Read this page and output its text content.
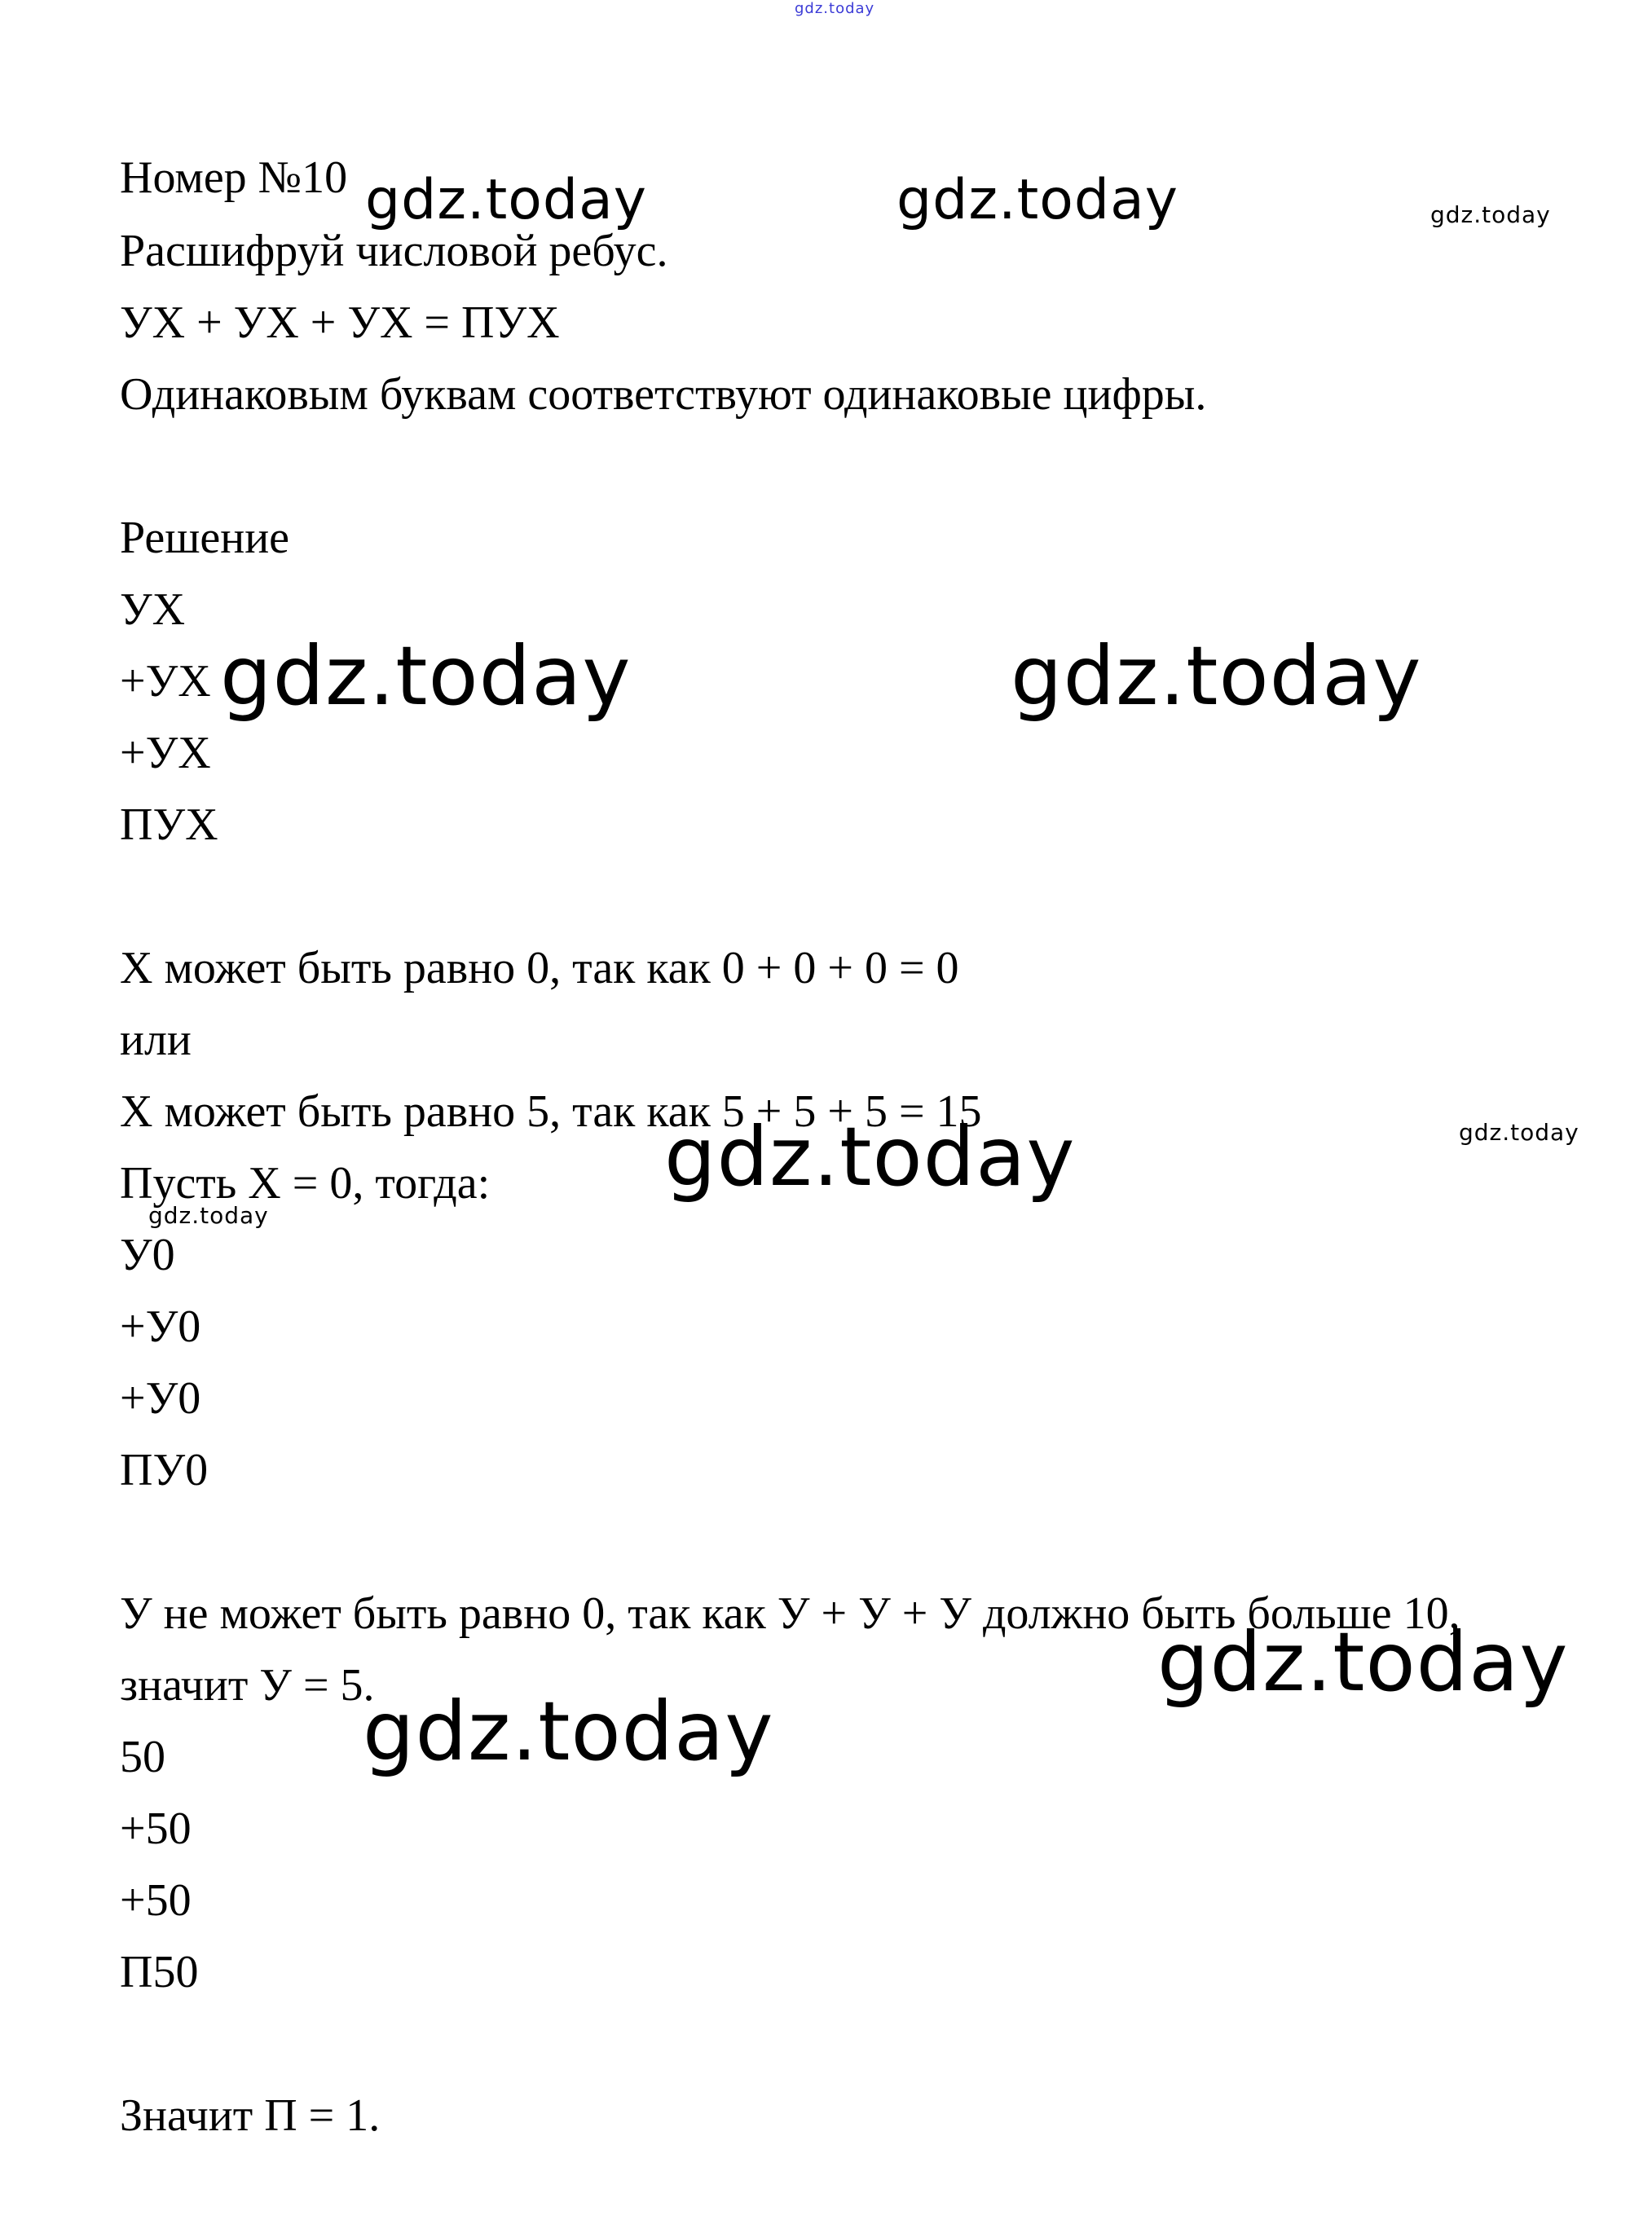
gdz.today
Номер №10
Расшифруй числовой ребус.
УХ + УХ + УХ = ПУХ
Одинаковым буквам соответствуют одинаковые цифры.
Решение
УХ
+УХ
+УХ
ПУХ
Х может быть равно 0, так как 0 + 0 + 0 = 0
или
Х может быть равно 5, так как 5 + 5 + 5 = 15
Пусть Х = 0, тогда:
У0
+У0
+У0
ПУ0
У не может быть равно 0, так как У + У + У должно быть больше 10,
значит У = 5.
50
+50
+50
П50
Значит П = 1.
gdz.today	gdz.today	gdz.today
gdz.today	gdz.today
gdz.today
gdz.today
gdz.today
gdz.today
gdz.today
